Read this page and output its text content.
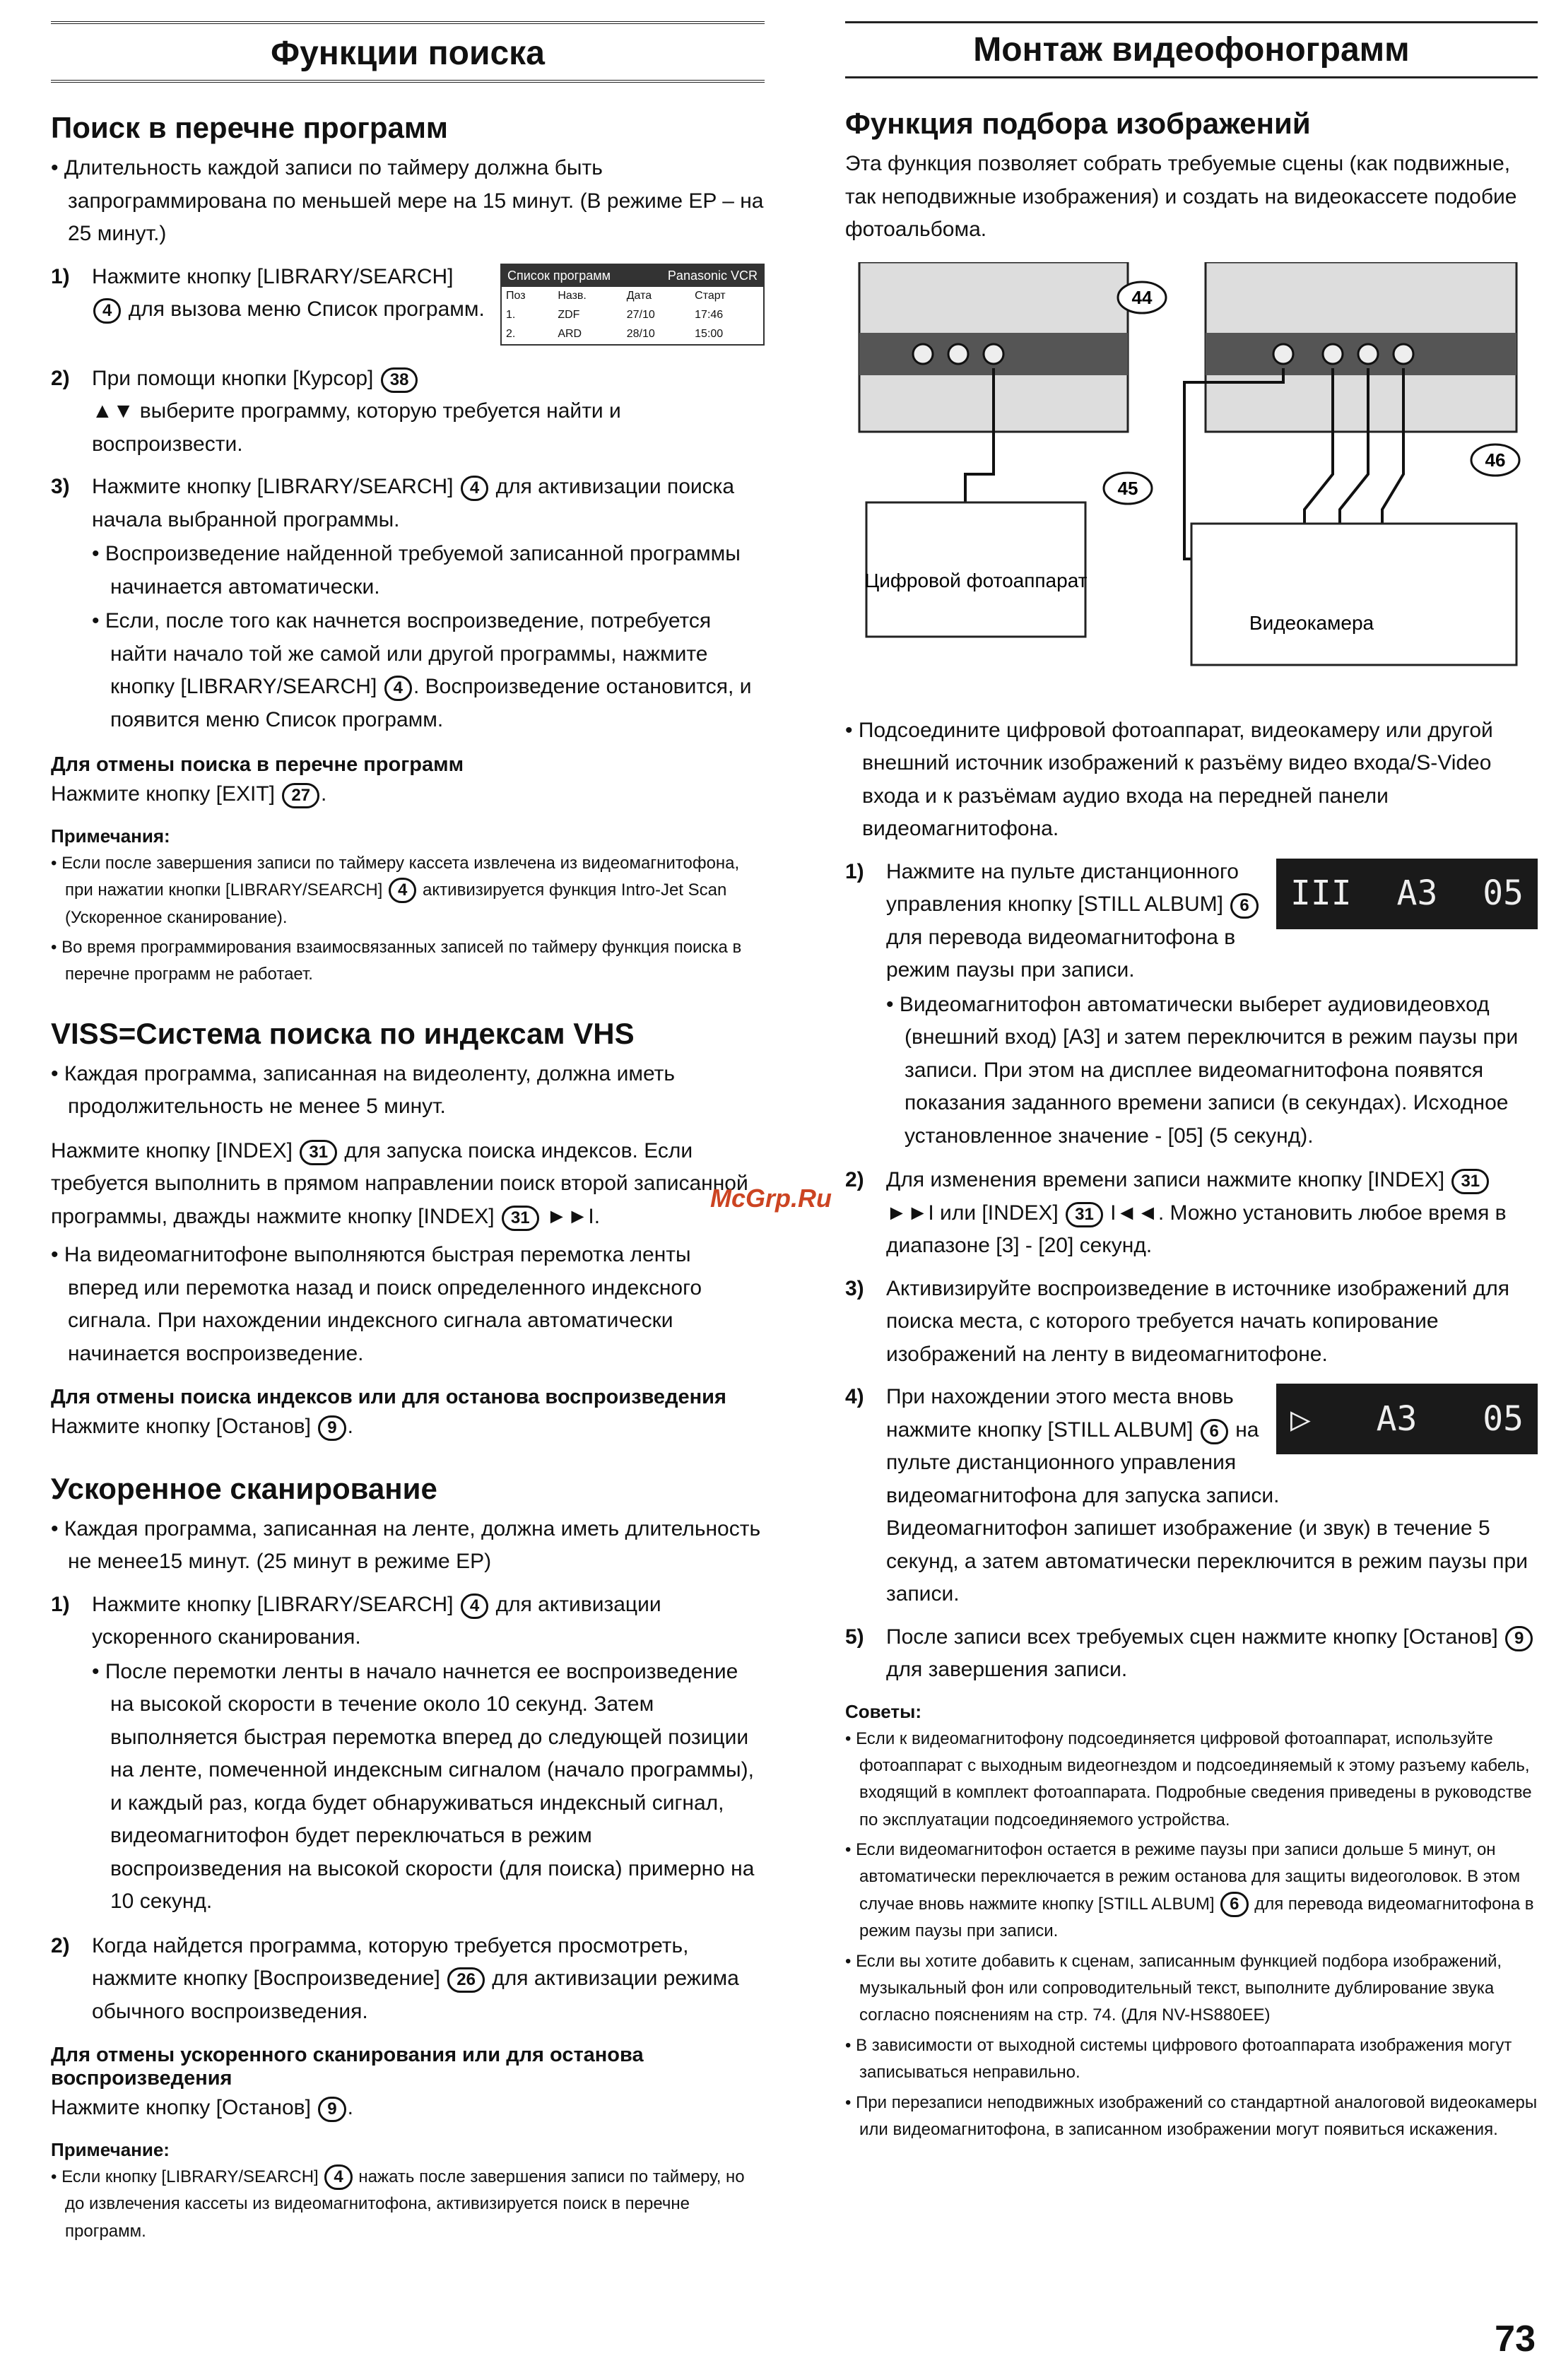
Функции поиска
Поиск в перечне программ
• Длительность каждой записи по таймеру должна быть запрограммирована по меньшей мере на 15 минут. (В режиме EP – на 25 минут.)
1)	Список программ	Panasonic VCR
Поз	Назв.	Дата	Старт
1.	ZDF	27/10	17:46
2.	ARD	28/10	15:00
Нажмите кнопку [LIBRARY/SEARCH] 4 для вызова меню Список программ.
2)	При помощи кнопки [Курсор] 38
▲▼ выберите программу, которую требуется найти и воспроизвести.
3)	Нажмите кнопку [LIBRARY/SEARCH] 4 для активизации поиска начала выбранной программы.
• Воспроизведение найденной требуемой записанной программы начинается автоматически.
• Если, после того как начнется воспроизведение, потребуется найти начало той же самой или другой программы, нажмите кнопку [LIBRARY/SEARCH] 4 . Воспроизведение остановится, и появится меню Список программ.
Для отмены поиска в перечне программ

Нажмите кнопку [EXIT] 27 .

Примечания:
• Если после завершения записи по таймеру кассета извлечена из видеомагнитофона, при нажатии кнопки [LIBRARY/SEARCH] 4 активизируется функция Intro-Jet Scan (Ускоренное сканирование).
• Во время программирования взаимосвязанных записей по таймеру функция поиска в перечне программ не работает.
VISS=Система поиска по индексам VHS
• Каждая программа, записанная на видеоленту, должна иметь продолжительность не менее 5 минут.

Нажмите кнопку [INDEX] 31 для запуска поиска индексов. Если требуется выполнить в прямом направлении поиск второй записанной программы, дважды нажмите кнопку [INDEX] 31 ►►I.

• На видеомагнитофоне выполняются быстрая перемотка ленты вперед или перемотка назад и поиск определенного индексного сигнала. При нахождении индексного сигнала автоматически начинается воспроизведение.
Для отмены поиска индексов или для останова воспроизведения

Нажмите кнопку [Останов] 9 .

Ускоренное сканирование
• Каждая программа, записанная на ленте, должна иметь длительность не менее15 минут. (25 минут в режиме EP)
1)	Нажмите кнопку [LIBRARY/SEARCH] 4 для активизации ускоренного сканирования.
• После перемотки ленты в начало начнется ее воспроизведение на высокой скорости в течение около 10 секунд. Затем выполняется быстрая перемотка вперед до следующей позиции на ленте, помеченной индексным сигналом (начало программы), и каждый раз, когда будет обнаруживаться индексный сигнал, видеомагнитофон будет переключаться в режим воспроизведения на высокой скорости (для поиска) примерно на 10 секунд.
2)	Когда найдется программа, которую требуется просмотреть, нажмите кнопку [Воспроизведение] 26 для активизации режима обычного воспроизведения.
Для отмены ускоренного сканирования или для останова воспроизведения

Нажмите кнопку [Останов] 9 .

Примечание:
• Если кнопку [LIBRARY/SEARCH] 4 нажать после завершения записи по таймеру, но до извлечения кассеты из видеомагнитофона, активизируется поиск в перечне программ.
Монтаж видеофонограмм
Функция подбора изображений

Эта функция позволяет собрать требуемые сцены (как подвижные, так неподвижные изображения) и создать на видеокассете подобие фотоальбома.

44
45
46
Цифровой фотоаппарат
Видеокамера
• Подсоедините цифровой фотоаппарат, видеокамеру или другой внешний источник изображений к разъёму видео входа/S-Video входа и к разъёмам аудио входа на передней панели видеомагнитофона.
1)
III A3 05
Нажмите на пульте дистанционного управления кнопку [STILL ALBUM] 6 для перевода видеомагнитофона в режим паузы при записи.
• Видеомагнитофон автоматически выберет аудиовидеовход (внешний вход) [A3] и затем переключится в режим паузы при записи. При этом на дисплее видеомагнитофона появятся показания заданного времени записи (в секундах). Исходное установленное значение - [05] (5 секунд).
2)	Для изменения времени записи нажмите кнопку [INDEX] 31 ►►I или [INDEX] 31 I◄◄. Можно установить любое время в диапазоне [3] - [20] секунд.
3)	Активизируйте воспроизведение в источнике изображений для поиска места, с которого требуется начать копирование изображений на ленту в видеомагнитофоне.
4)
▷ A3 05
При нахождении этого места вновь нажмите кнопку [STILL ALBUM] 6 на пульте дистанционного управления видеомагнитофона для запуска записи.
Видеомагнитофон запишет изображение (и звук) в течение 5 секунд, а затем автоматически переключится в режим паузы при записи.
5)	После записи всех требуемых сцен нажмите кнопку [Останов] 9 для завершения записи.
Советы:
• Если к видеомагнитофону подсоединяется цифровой фотоаппарат, используйте фотоаппарат с выходным видеогнездом и подсоединяемый к этому разъему кабель, входящий в комплект фотоаппарата. Подробные сведения приведены в руководстве по эксплуатации подсоединяемого устройства.
• Если видеомагнитофон остается в режиме паузы при записи дольше 5 минут, он автоматически переключается в режим останова для защиты видеоголовок. В этом случае вновь нажмите кнопку [STILL ALBUM] 6 для перевода видеомагнитофона в режим паузы при записи.
• Если вы хотите добавить к сценам, записанным функцией подбора изображений, музыкальный фон или сопроводительный текст, выполните дублирование звука согласно пояснениям на стр. 74. (Для NV-HS880EE)
• В зависимости от выходной системы цифрового фотоаппарата изображения могут записываться неправильно.
• При перезаписи неподвижных изображений со стандартной аналоговой видеокамеры или видеомагнитофона, в записанном изображении могут появиться искажения.
McGrp.Ru
73
